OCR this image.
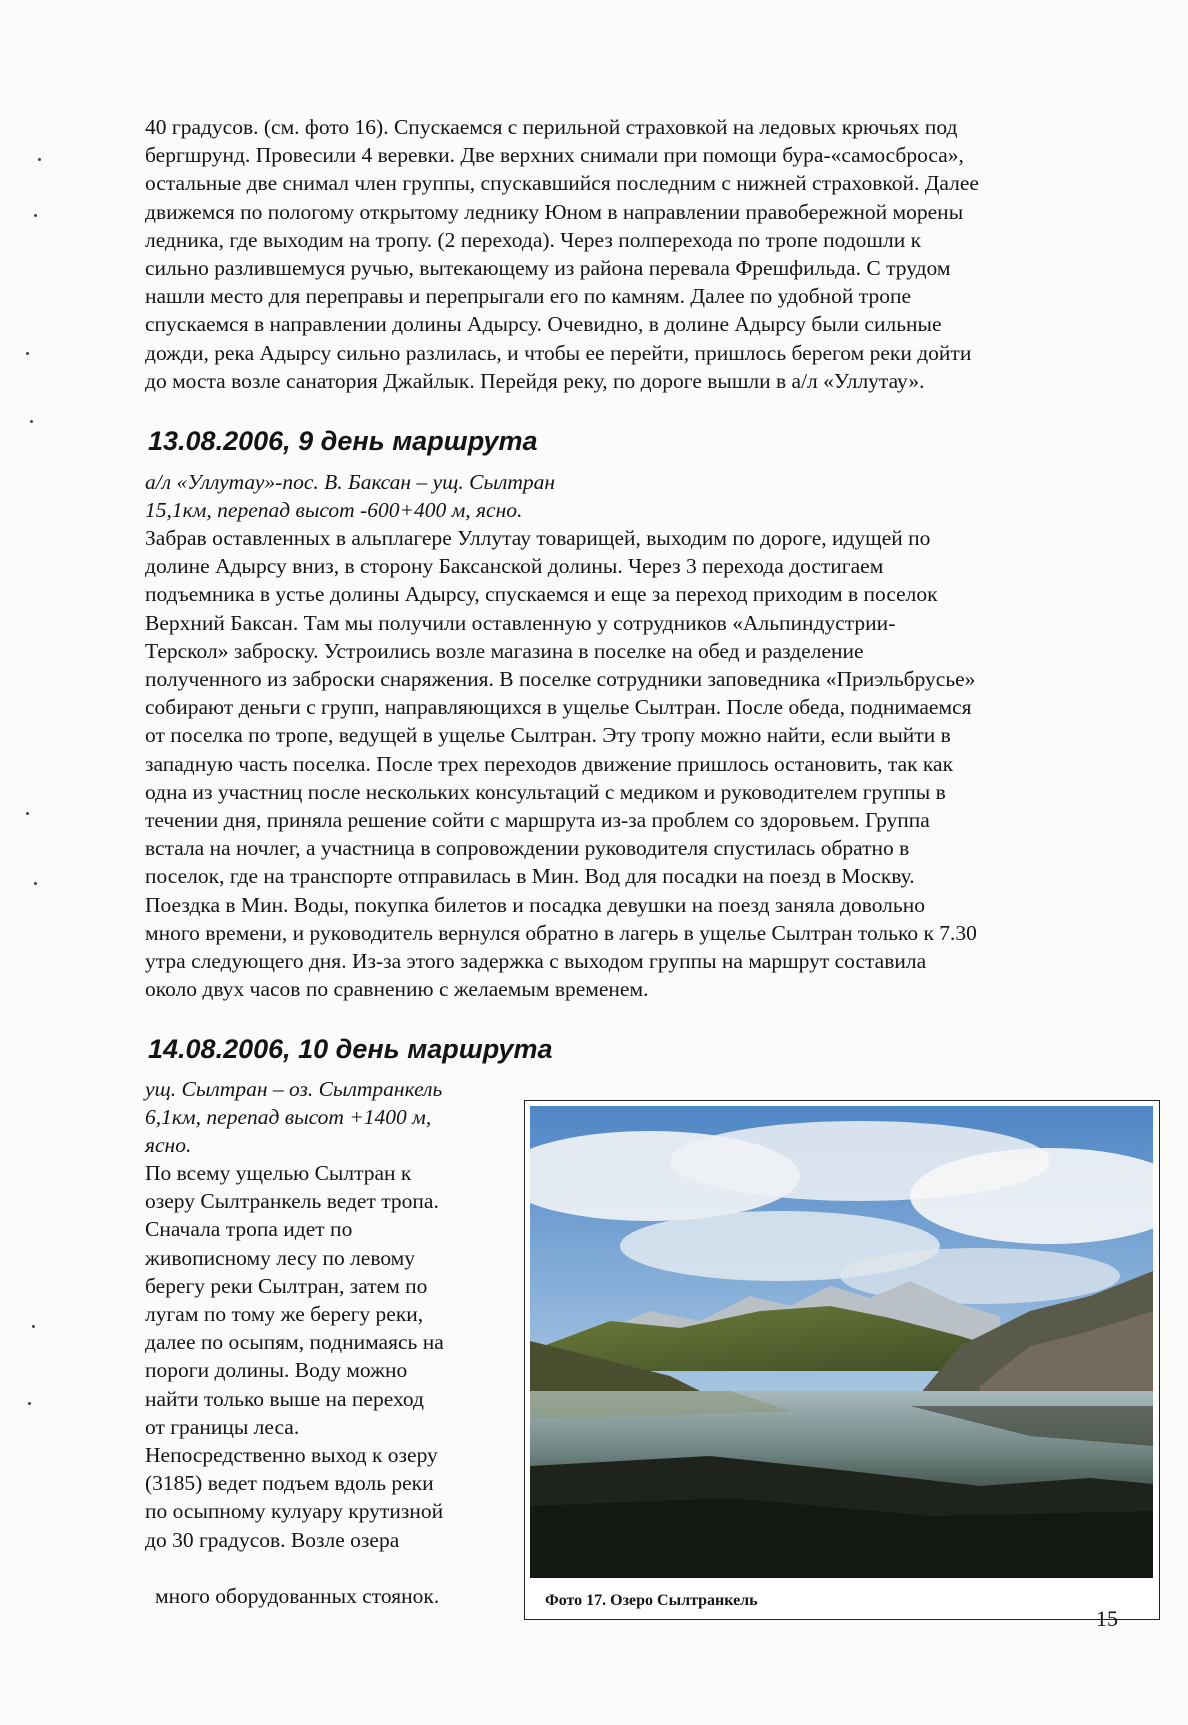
40 градусов. (см. фото 16). Спускаемся с перильной страховкой на ледовых крючьях под
бергшрунд. Провесили 4 веревки. Две верхних снимали при помощи бура-«самосброса»,
остальные две снимал член группы, спускавшийся последним с нижней страховкой. Далее
движемся по пологому открытому леднику Юном в направлении правобережной морены
ледника, где выходим на тропу. (2 перехода). Через полперехода по тропе подошли к
сильно разлившемуся ручью, вытекающему из района перевала Фрешфильда. С трудом
нашли место для переправы и перепрыгали его по камням. Далее по удобной тропе
спускаемся в направлении долины Адырсу. Очевидно, в долине Адырсу были сильные
дожди, река Адырсу сильно разлилась, и чтобы ее перейти, пришлось берегом реки дойти
до моста возле санатория Джайлык. Перейдя реку, по дороге вышли в а/л «Уллутау».

13.08.2006, 9 день маршрута

а/л «Уллутау»-пос. В. Баксан – ущ. Сылтран

15,1км, перепад высот -600+400 м, ясно.

Забрав оставленных в альплагере Уллутау товарищей, выходим по дороге, идущей по
долине Адырсу вниз, в сторону Баксанской долины. Через 3 перехода достигаем
подъемника в устье долины Адырсу, спускаемся и еще за переход приходим в поселок
Верхний Баксан. Там мы получили оставленную у сотрудников «Альпиндустрии-
Терскол» заброску. Устроились возле магазина в поселке на обед и разделение
полученного из заброски снаряжения. В поселке сотрудники заповедника «Приэльбрусье»
собирают деньги с групп, направляющихся в ущелье Сылтран. После обеда, поднимаемся
от поселка по тропе, ведущей в ущелье Сылтран. Эту тропу можно найти, если выйти в
западную часть поселка. После трех переходов движение пришлось остановить, так как
одна из участниц после нескольких консультаций с медиком и руководителем группы в
течении дня, приняла решение сойти с маршрута из-за проблем со здоровьем. Группа
встала на ночлег, а участница в сопровождении руководителя спустилась обратно в
поселок, где на транспорте отправилась в Мин. Вод для посадки на поезд в Москву.
Поездка в Мин. Воды, покупка билетов и посадка девушки на поезд заняла довольно
много времени, и руководитель вернулся обратно в лагерь в ущелье Сылтран только к 7.30
утра следующего дня. Из-за этого задержка с выходом группы на маршрут составила
около двух часов по сравнению с желаемым временем.

14.08.2006, 10 день маршрута

ущ. Сылтран – оз. Сылтранкель

6,1км, перепад высот +1400 м,

ясно.

По всему ущелью Сылтран к
озеру Сылтранкель ведет тропа.
Сначала тропа идет по
живописному лесу по левому
берегу реки Сылтран, затем по
лугам по тому же берегу реки,
далее по осыпям, поднимаясь на
пороги долины. Воду можно
найти только выше на переход
от границы леса.
Непосредственно выход к озеру
(3185) ведет подъем вдоль реки
по осыпному кулуару крутизной
до 30 градусов. Возле озера

много оборудованных стоянок.	Фото 17. Озеро Сылтранкель
15
